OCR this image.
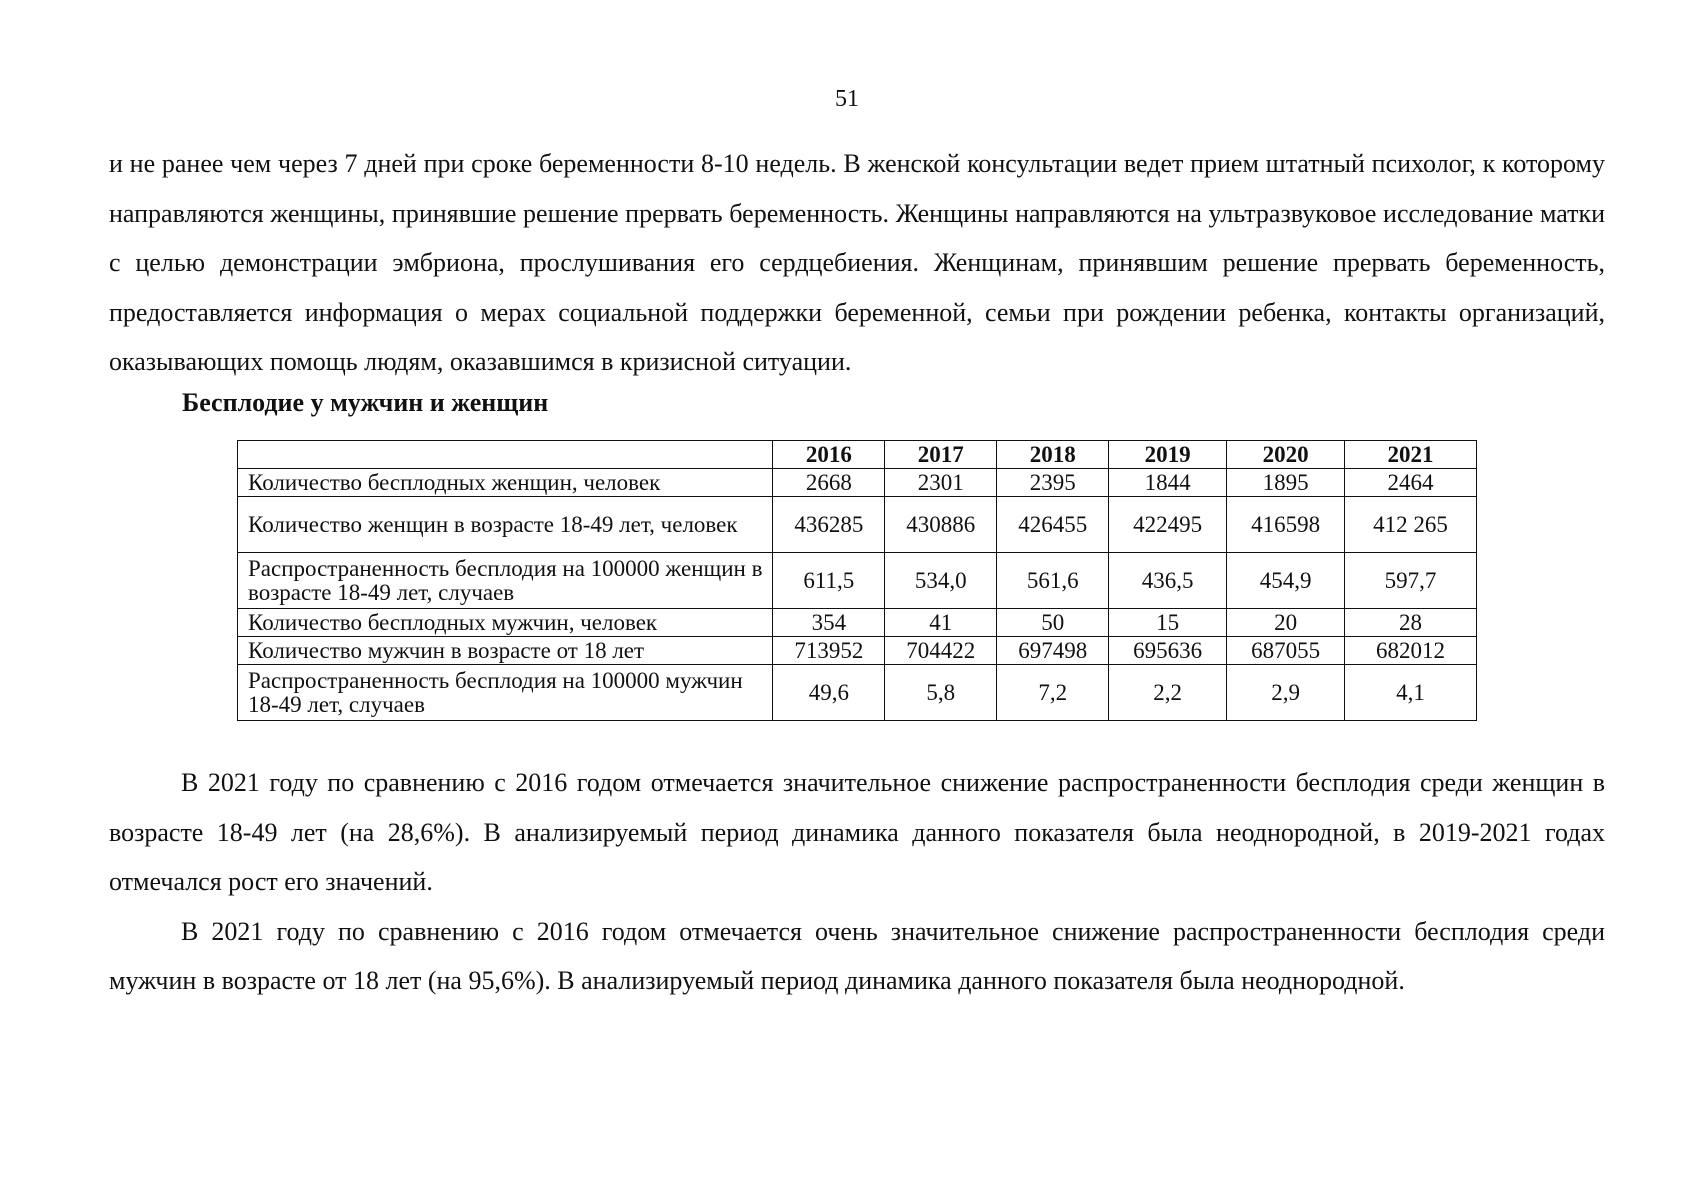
51

и не ранее чем через 7 дней при сроке беременности 8-10 недель. В женской консультации ведет прием штатный психолог, к которому направляются женщины, принявшие решение прервать беременность. Женщины направляются на ультразвуковое исследование матки с целью демонстрации эмбриона, прослушивания его сердцебиения. Женщинам, принявшим решение прервать беременность, предоставляется информация о мерах социальной поддержки беременной, семьи при рождении ребенка, контакты организаций, оказывающих помощь людям, оказавшимся в кризисной ситуации.

Бесплодие у мужчин и женщин
	2016	2017	2018	2019	2020	2021
Количество бесплодных женщин, человек	2668	2301	2395	1844	1895	2464
Количество женщин в возрасте 18-49 лет, человек	436285	430886	426455	422495	416598	412 265
Распространенность бесплодия на 100000 женщин в возрасте 18-49 лет, случаев	611,5	534,0	561,6	436,5	454,9	597,7
Количество бесплодных мужчин, человек	354	41	50	15	20	28
Количество мужчин в возрасте от 18 лет	713952	704422	697498	695636	687055	682012
Распространенность бесплодия на 100000 мужчин 18-49 лет, случаев	49,6	5,8	7,2	2,2	2,9	4,1

В 2021 году по сравнению с 2016 годом отмечается значительное снижение распространенности бесплодия среди женщин в возрасте 18-49 лет (на 28,6%). В анализируемый период динамика данного показателя была неоднородной, в 2019-2021 годах отмечался рост его значений.

В 2021 году по сравнению с 2016 годом отмечается очень значительное снижение распространенности бесплодия среди мужчин в возрасте от 18 лет (на 95,6%). В анализируемый период динамика данного показателя была неоднородной.
